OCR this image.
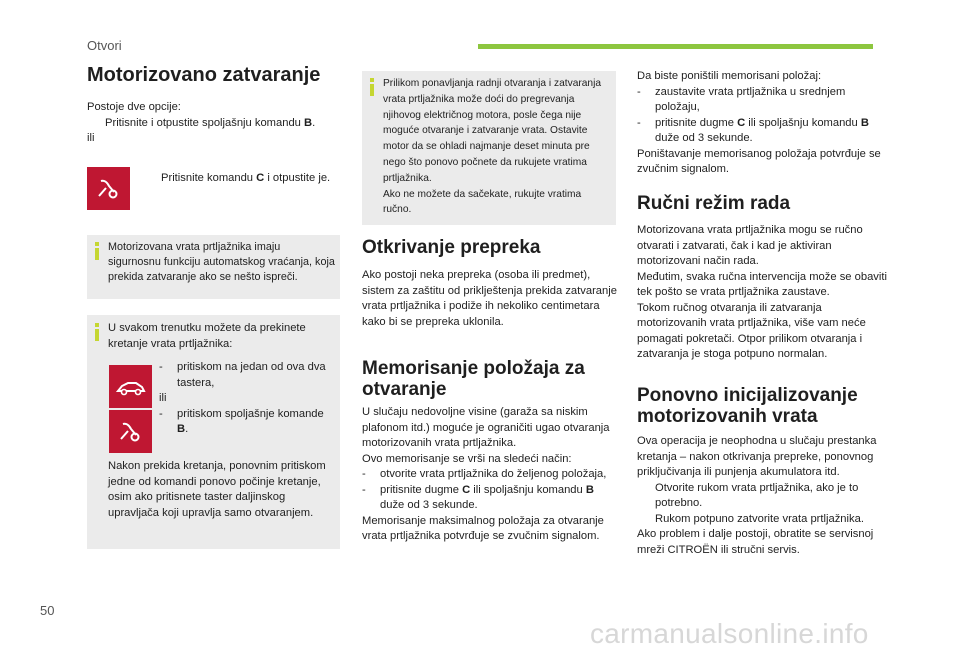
Otvori
Motorizovano zatvaranje
Postoje dve opcije:
Pritisnite i otpustite spoljašnju komandu B.
ili
Pritisnite komandu C i otpustite je.
Motorizovana vrata prtljažnika imaju sigurnosnu funkciju automatskog vraćanja, koja prekida zatvaranje ako se nešto ispreči.
U svakom trenutku možete da prekinete kretanje vrata prtljažnika:
- pritiskom na jedan od ova dva tastera,
ili
- pritiskom spoljašnje komande B.
Nakon prekida kretanja, ponovnim pritiskom jedne od komandi ponovo počinje kretanje, osim ako pritisnete taster daljinskog upravljača koji upravlja samo otvaranjem.
Prilikom ponavljanja radnji otvaranja i zatvaranja vrata prtljažnika može doći do pregrevanja njihovog električnog motora, posle čega nije moguće otvaranje i zatvaranje vrata. Ostavite motor da se ohladi najmanje deset minuta pre nego što ponovo počnete da rukujete vratima prtljažnika.
Ako ne možete da sačekate, rukujte vratima ručno.
Otkrivanje prepreka
Ako postoji neka prepreka (osoba ili predmet), sistem za zaštitu od priklještenja prekida zatvaranje vrata prtljažnika i podiže ih nekoliko centimetara kako bi se prepreka uklonila.
Memorisanje položaja za otvaranje
U slučaju nedovoljne visine (garaža sa niskim plafonom itd.) moguće je ograničiti ugao otvaranja motorizovanih vrata prtljažnika.
Ovo memorisanje se vrši na sledeći način:
- otvorite vrata prtljažnika do željenog položaja,
- pritisnite dugme C ili spoljašnju komandu B duže od 3 sekunde.
Memorisanje maksimalnog položaja za otvaranje vrata prtljažnika potvrđuje se zvučnim signalom.
Da biste poništili memorisani položaj:
- zaustavite vrata prtljažnika u srednjem položaju,
- pritisnite dugme C ili spoljašnju komandu B duže od 3 sekunde.
Poništavanje memorisanog položaja potvrđuje se zvučnim signalom.
Ručni režim rada
Motorizovana vrata prtljažnika mogu se ručno otvarati i zatvarati, čak i kad je aktiviran motorizovani način rada.
Međutim, svaka ručna intervencija može se obaviti tek pošto se vrata prtljažnika zaustave.
Tokom ručnog otvaranja ili zatvaranja motorizovanih vrata prtljažnika, više vam neće pomagati pokretači. Otpor prilikom otvaranja i zatvaranja je stoga potpuno normalan.
Ponovno inicijalizovanje motorizovanih vrata
Ova operacija je neophodna u slučaju prestanka kretanja – nakon otkrivanja prepreke, ponovnog priključivanja ili punjenja akumulatora itd.
Otvorite rukom vrata prtljažnika, ako je to potrebno.
Rukom potpuno zatvorite vrata prtljažnika.
Ako problem i dalje postoji, obratite se servisnoj mreži CITROËN ili stručni servis.
50
carmanualsonline.info
